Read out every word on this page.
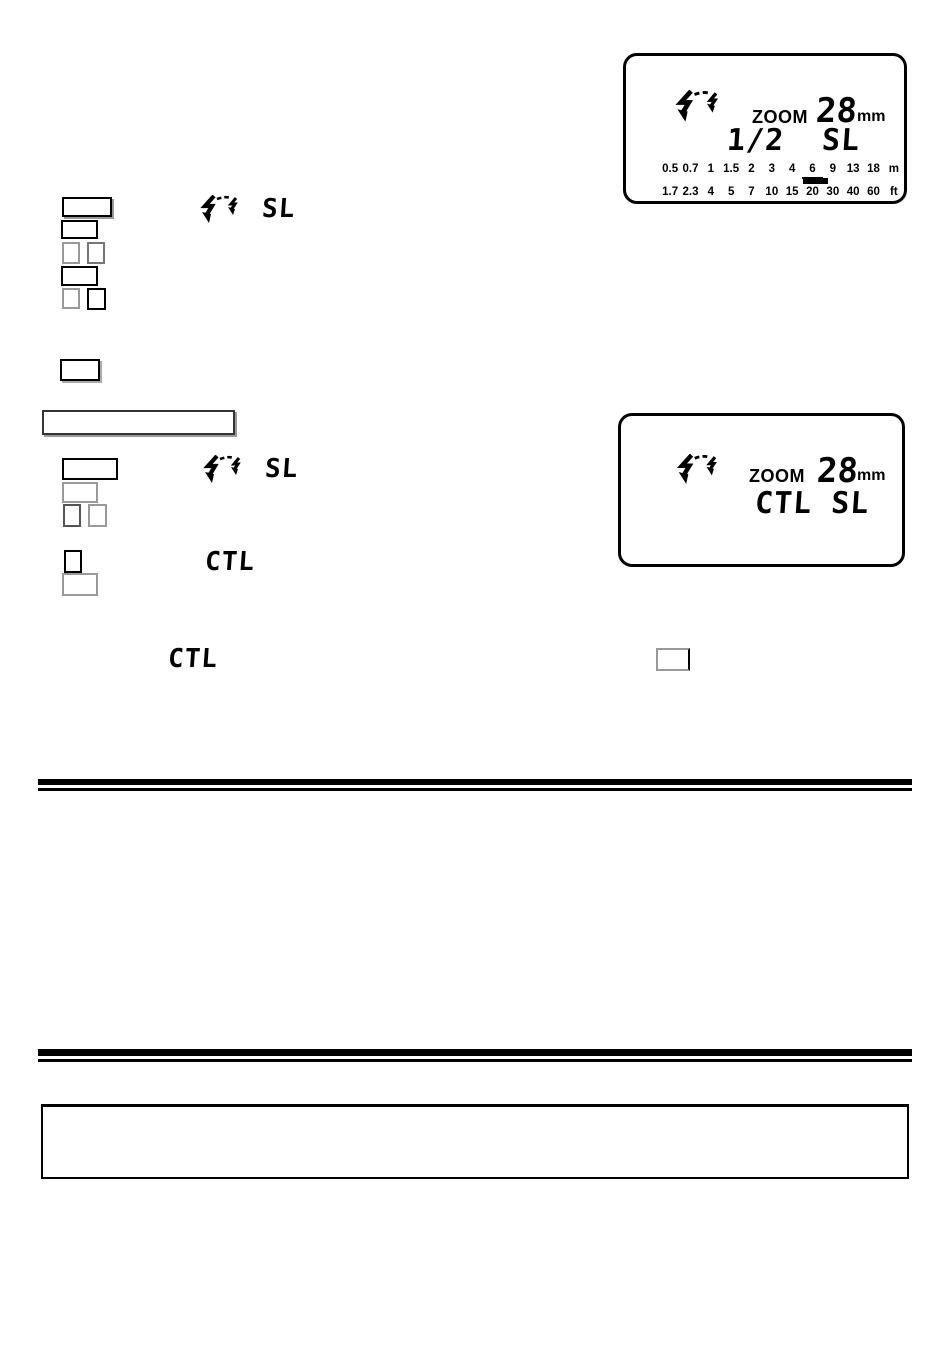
ZOOM 28
mm
1/2 SL
0.5 0.7 1 1.5 2	3	4	6	9 13 18 m
1.7 2.3 4	5	7 10 15 20 30 40 60 ft
SL
SL
CTL
ZOOM 28
mm
CTL SL
CTL
